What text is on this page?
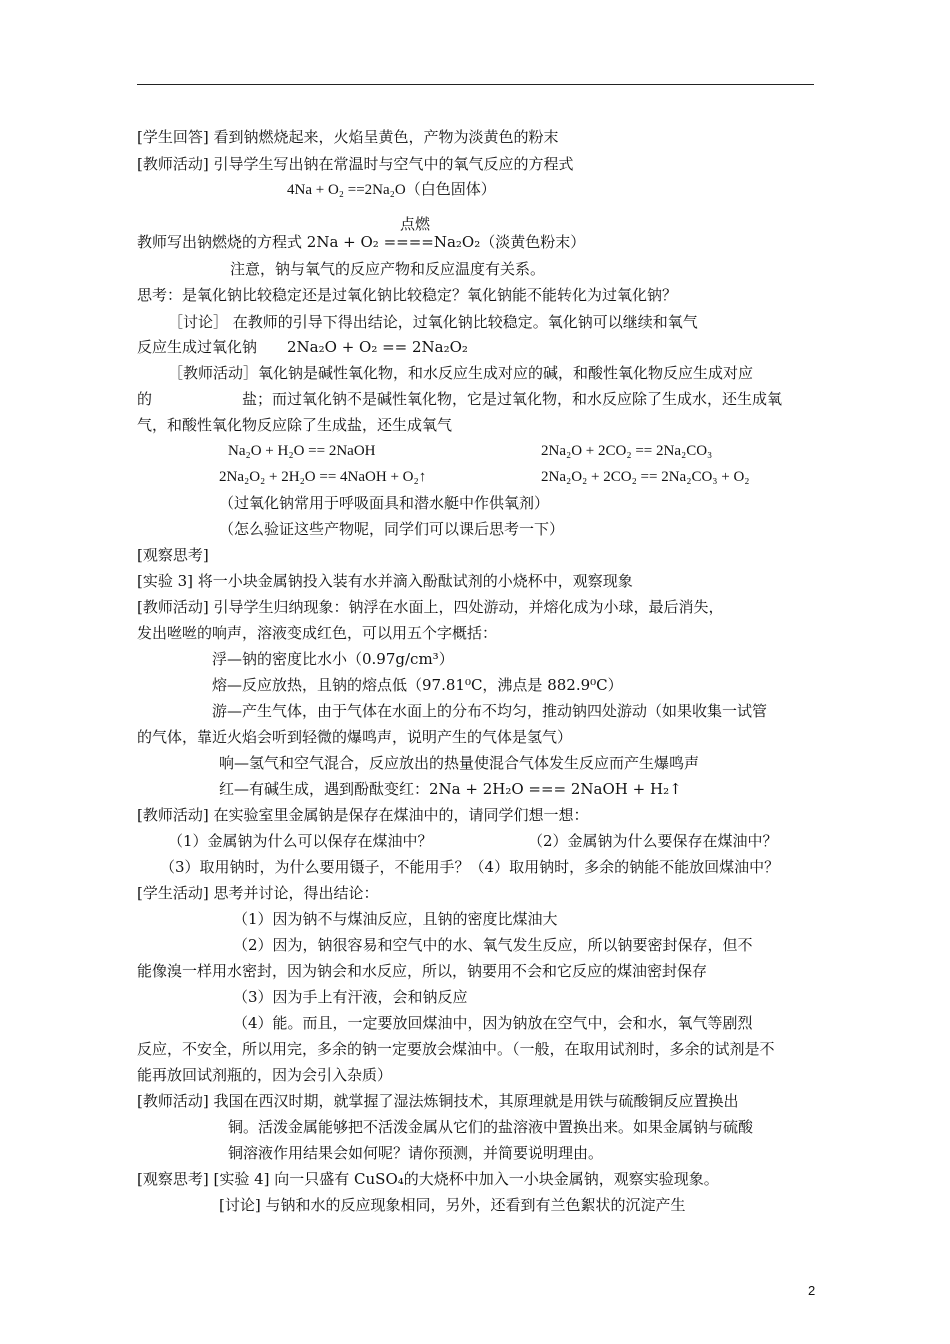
[学生回答] 看到钠燃烧起来，火焰呈黄色，产物为淡黄色的粉末
[教师活动] 引导学生写出钠在常温时与空气中的氧气反应的方程式
4Na + O₂ ==2Na₂O（白色固体）
点燃
教师写出钠燃烧的方程式 2Na + O₂ ====Na₂O₂（淡黄色粉末）
注意，钠与氧气的反应产物和反应温度有关系。
思考：是氧化钠比较稳定还是过氧化钠比较稳定？氧化钠能不能转化为过氧化钠？
［讨论］ 在教师的引导下得出结论，过氧化钠比较稳定。氧化钠可以继续和氧气
反应生成过氧化钠　　2Na₂O + O₂ == 2Na₂O₂
［教师活动］氧化钠是碱性氧化物，和水反应生成对应的碱，和酸性氧化物反应生成对应
的　　　　　　盐；而过氧化钠不是碱性氧化物，它是过氧化物，和水反应除了生成水，还生成氧
气，和酸性氧化物反应除了生成盐，还生成氧气
Na₂O + H₂O == 2NaOH	2Na₂O + 2CO₂ == 2Na₂CO₃
2Na₂O₂ + 2H₂O == 4NaOH + O₂↑	2Na₂O₂ + 2CO₂ == 2Na₂CO₃ + O₂
（过氧化钠常用于呼吸面具和潜水艇中作供氧剂）
（怎么验证这些产物呢，同学们可以课后思考一下）
[观察思考]
[实验 3] 将一小块金属钠投入装有水并滴入酚酞试剂的小烧杯中，观察现象
[教师活动] 引导学生归纳现象：钠浮在水面上，四处游动，并熔化成为小球，最后消失，
发出咝咝的响声，溶液变成红色，可以用五个字概括：
浮—钠的密度比水小（0.97g/cm³）
熔—反应放热，且钠的熔点低（97.81⁰C，沸点是 882.9⁰C）
游—产生气体，由于气体在水面上的分布不均匀，推动钠四处游动（如果收集一试管
的气体，靠近火焰会听到轻微的爆鸣声，说明产生的气体是氢气）
响—氢气和空气混合，反应放出的热量使混合气体发生反应而产生爆鸣声
红—有碱生成，遇到酚酞变红：2Na + 2H₂O === 2NaOH + H₂↑
[教师活动] 在实验室里金属钠是保存在煤油中的，请同学们想一想：
（1）金属钠为什么可以保存在煤油中？	（2）金属钠为什么要保存在煤油中？
（3）取用钠时，为什么要用镊子，不能用手？（4）取用钠时，多余的钠能不能放回煤油中？
[学生活动] 思考并讨论，得出结论：
（1）因为钠不与煤油反应，且钠的密度比煤油大
（2）因为，钠很容易和空气中的水、氧气发生反应，所以钠要密封保存，但不
能像溴一样用水密封，因为钠会和水反应，所以，钠要用不会和它反应的煤油密封保存
（3）因为手上有汗液，会和钠反应
（4）能。而且，一定要放回煤油中，因为钠放在空气中，会和水，氧气等剧烈
反应，不安全，所以用完，多余的钠一定要放会煤油中。（一般，在取用试剂时，多余的试剂是不
能再放回试剂瓶的，因为会引入杂质）
[教师活动] 我国在西汉时期，就掌握了湿法炼铜技术，其原理就是用铁与硫酸铜反应置换出
铜。活泼金属能够把不活泼金属从它们的盐溶液中置换出来。如果金属钠与硫酸
铜溶液作用结果会如何呢？请你预测，并简要说明理由。
[观察思考] [实验 4] 向一只盛有 CuSO₄的大烧杯中加入一小块金属钠，观察实验现象。
[讨论] 与钠和水的反应现象相同，另外，还看到有兰色絮状的沉淀产生
2
